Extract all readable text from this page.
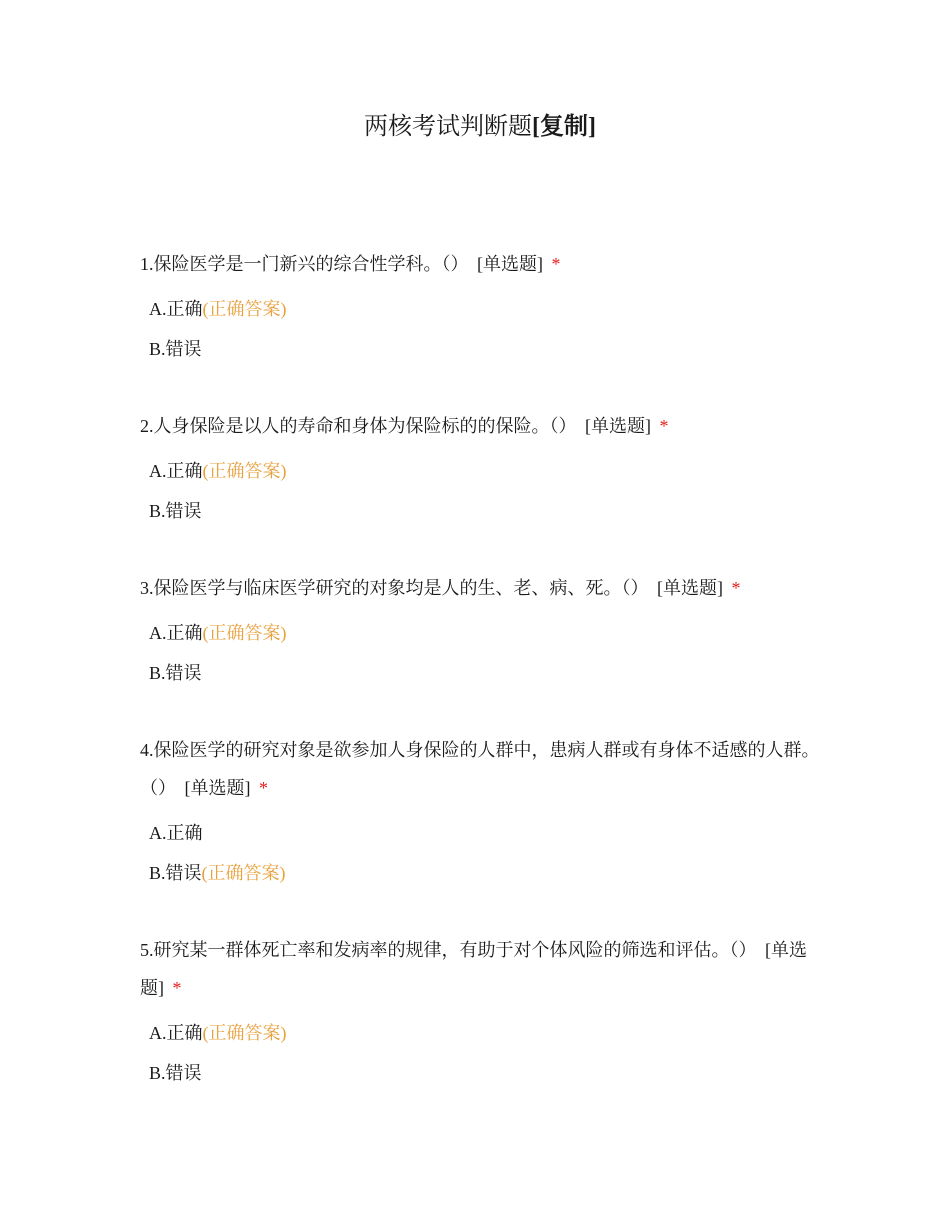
两核考试判断题[复制]
1.保险医学是一门新兴的综合性学科。（） [单选题] *
A.正确(正确答案)
B.错误
2.人身保险是以人的寿命和身体为保险标的的保险。（） [单选题] *
A.正确(正确答案)
B.错误
3.保险医学与临床医学研究的对象均是人的生、老、病、死。（） [单选题] *
A.正确(正确答案)
B.错误
4.保险医学的研究对象是欲参加人身保险的人群中，患病人群或有身体不适感的人群。（） [单选题] *
A.正确
B.错误(正确答案)
5.研究某一群体死亡率和发病率的规律，有助于对个体风险的筛选和评估。（） [单选题] *
A.正确(正确答案)
B.错误
